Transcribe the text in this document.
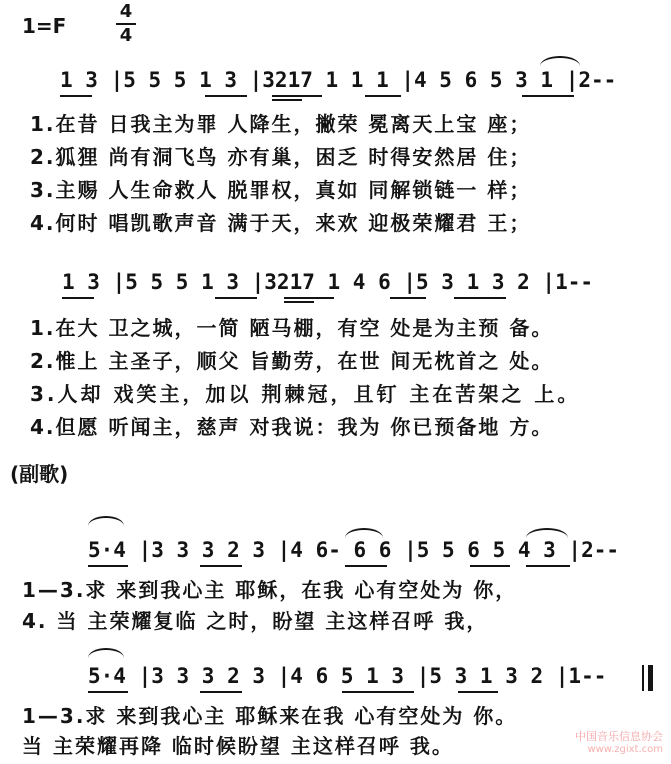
1=F
4
4
1 3 |5 5 5 1 3 |3217 1 1 1 |4 5 6 5 3 1 |2--
1.在昔 日我主为罪 人降生，撇荣 冕离天上宝 座；
2.狐狸 尚有洞飞鸟 亦有巢，困乏 时得安然居 住；
3.主赐 人生命救人 脱罪权，真如 同解锁链一 样；
4.何时 唱凯歌声音 满于天，来欢 迎极荣耀君 王；
1 3 |5 5 5 1 3 |3217 1 4 6 |5 3 1 3 2 |1--
1.在大 卫之城，一简 陋马棚，有空 处是为主预 备。
2.惟上 主圣子，顺父 旨勤劳，在世 间无枕首之 处。
3.人却 戏笑主，加以 荆棘冠，且钉 主在苦架之 上。
4.但愿 听闻主，慈声 对我说：我为 你已预备地 方。
(副歌)
5·4 |3 3 3 2 3 |4 6- 6 6 |5 5 6 5 4 3 |2--
1—3.求 来到我心主 耶稣，在我 心有空处为 你，
4. 当 主荣耀复临 之时，盼望 主这样召呼 我，
5·4 |3 3 3 2 3 |4 6 5 1 3 |5 3 1 3 2 |1--
1—3.求 来到我心主 耶稣来在我 心有空处为 你。
当 主荣耀再降 临时候盼望 主这样召呼 我。	中国音乐信息协会
www.zgixt.com
